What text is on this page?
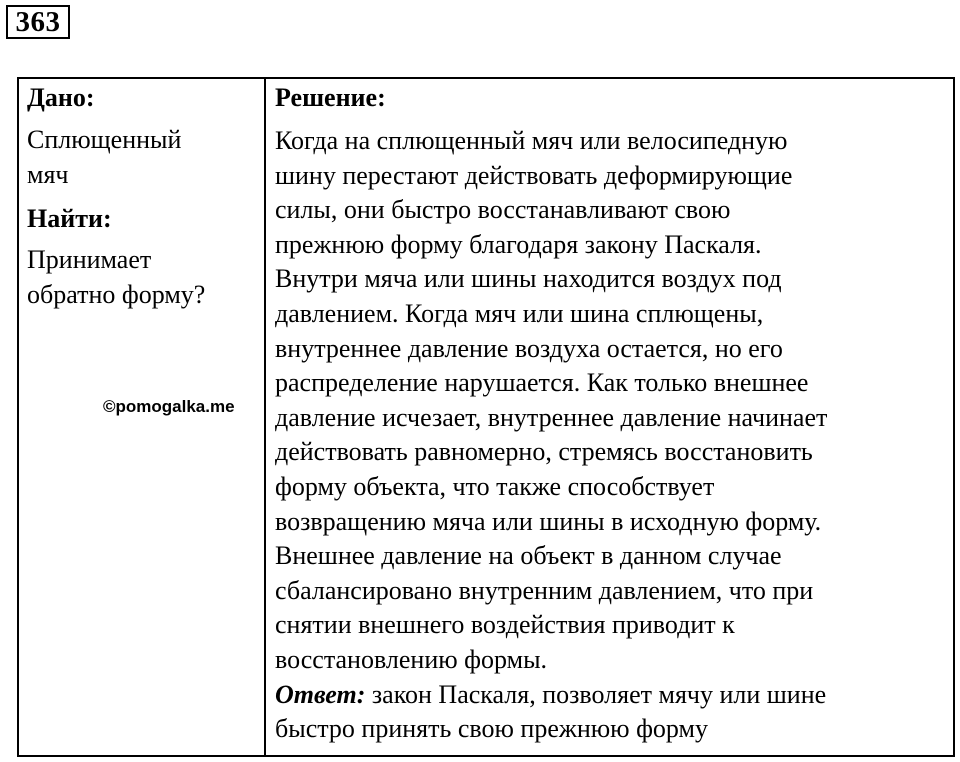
363
Дано:
Сплющенный
мяч
Найти:
Принимает
обратно форму?
©pomogalka.me
Решение:
Когда на сплющенный мяч или велосипедную
шину перестают действовать деформирующие
силы, они быстро восстанавливают свою
прежнюю форму благодаря закону Паскаля.
Внутри мяча или шины находится воздух под
давлением. Когда мяч или шина сплющены,
внутреннее давление воздуха остается, но его
распределение нарушается. Как только внешнее
давление исчезает, внутреннее давление начинает
действовать равномерно, стремясь восстановить
форму объекта, что также способствует
возвращению мяча или шины в исходную форму.
Внешнее давление на объект в данном случае
сбалансировано внутренним давлением, что при
снятии внешнего воздействия приводит к
восстановлению формы.
Ответ: закон Паскаля, позволяет мячу или шине
быстро принять свою прежнюю форму
